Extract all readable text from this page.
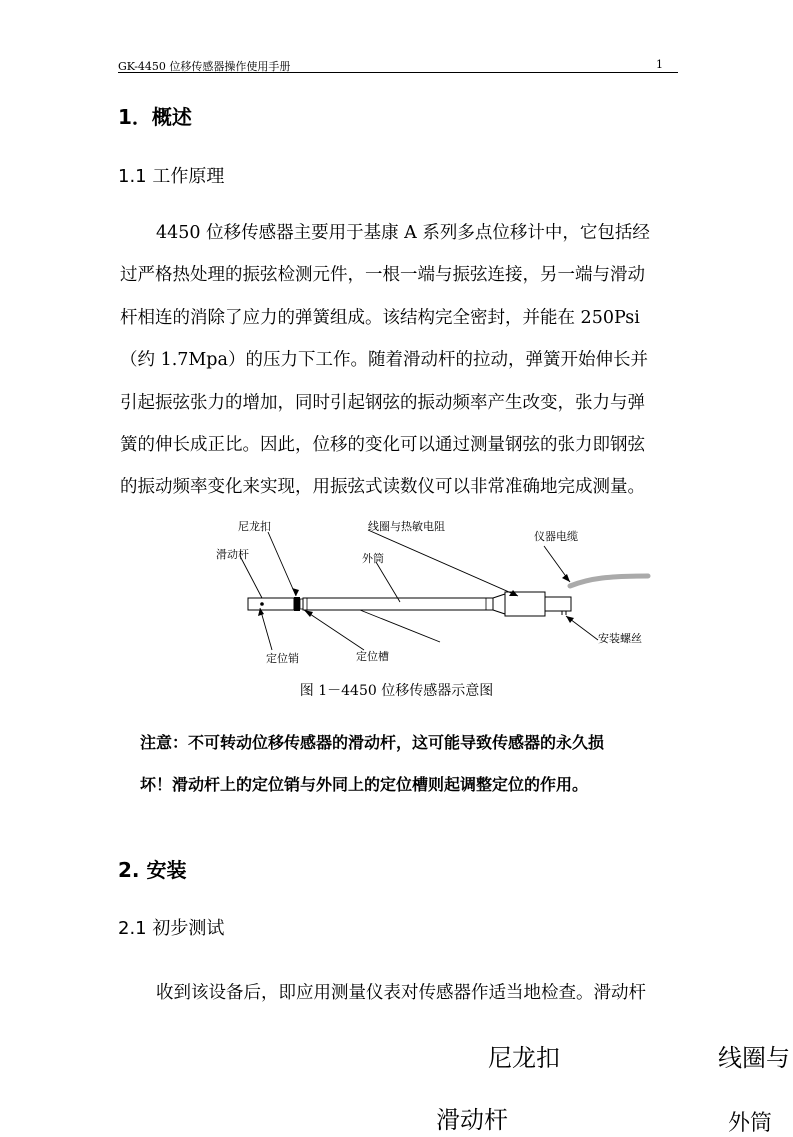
GK-4450 位移传感器操作使用手册	1
1．概述
1.1 工作原理

4450 位移传感器主要用于基康 A 系列多点位移计中，它包括经

过严格热处理的振弦检测元件，一根一端与振弦连接，另一端与滑动

杆相连的消除了应力的弹簧组成。该结构完全密封，并能在 250Psi

（约 1.7Mpa）的压力下工作。随着滑动杆的拉动，弹簧开始伸长并

引起振弦张力的增加，同时引起钢弦的振动频率产生改变，张力与弹

簧的伸长成正比。因此，位移的变化可以通过测量钢弦的张力即钢弦

的振动频率变化来实现，用振弦式读数仪可以非常准确地完成测量。

尼龙扣
滑动杆
线圈与热敏电阻
外筒
仪器电缆
定位销	定位槽
安装螺丝
图 1－4450 位移传感器示意图

注意：不可转动位移传感器的滑动杆，这可能导致传感器的永久损

坏！滑动杆上的定位销与外同上的定位槽则起调整定位的作用。

2. 安装
2.1 初步测试

收到该设备后，即应用测量仪表对传感器作适当地检查。滑动杆

尼龙扣	线圈与
滑动杆	外筒
